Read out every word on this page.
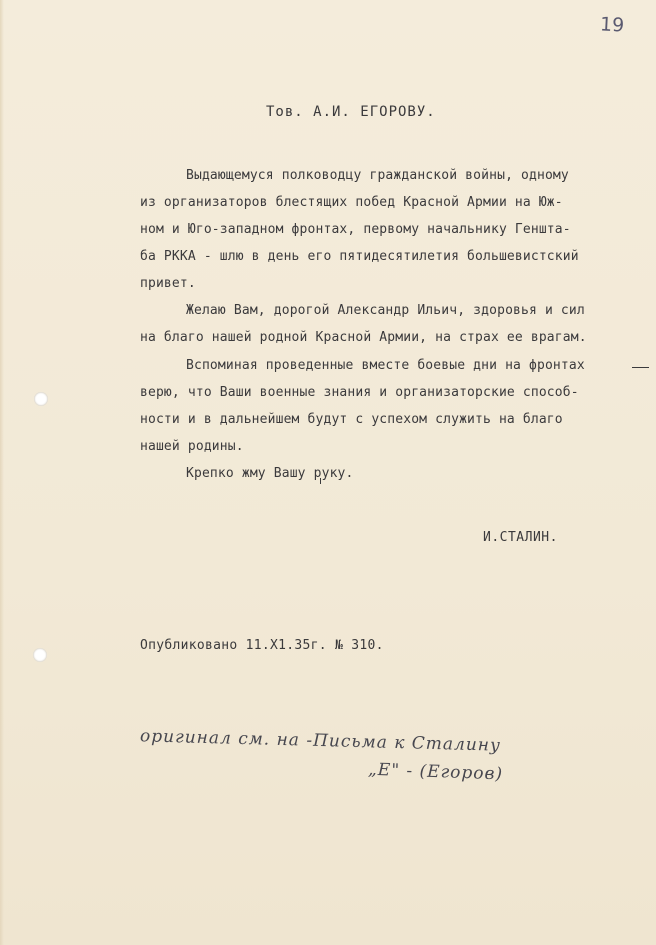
19
Тов. А.И. ЕГОРОВУ.
Выдающемуся полководцу гражданской войны, одному
из организаторов блестящих побед Красной Армии на Юж-
ном и Юго-западном фронтах, первому начальнику Геншта-
ба РККА - шлю в день его пятидесятилетия большевистский
привет.
Желаю Вам, дорогой Александр Ильич, здоровья и сил
на благо нашей родной Красной Армии, на страх ее врагам.
Вспоминая проведенные вместе боевые дни на фронтах
верю, что Ваши военные знания и организаторские способ-
ности и в дальнейшем будут с успехом служить на благо
нашей родины.
Крепко жму Вашу руку.
И.СТАЛИН.
Опубликовано 11.Х1.35г. № 310.
оригинал см. на -Письма к Сталину
„Е" - (Егоров)
